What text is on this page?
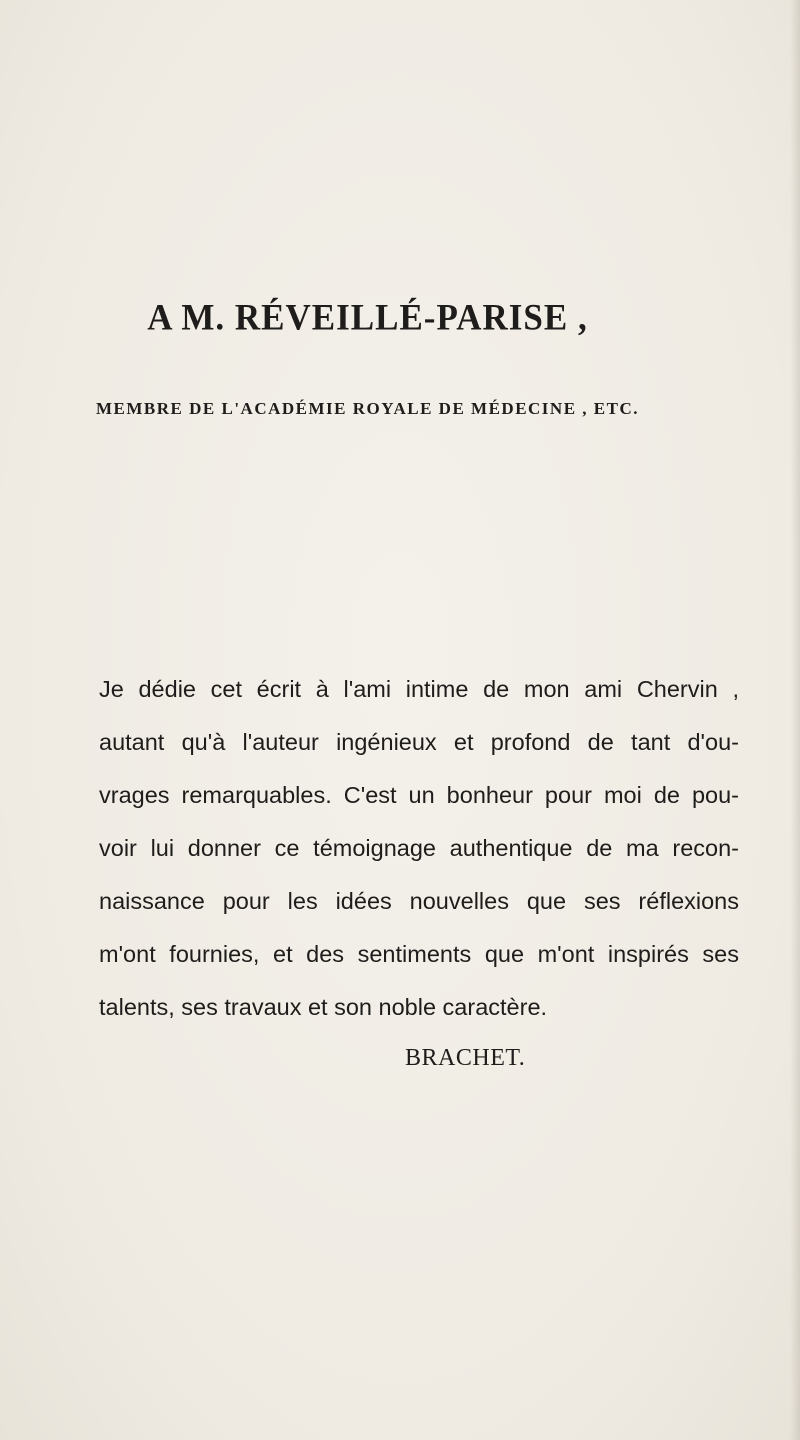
A M. RÉVEILLÉ-PARISE ,
MEMBRE DE L'ACADÉMIE ROYALE DE MÉDECINE , ETC.
Je dédie cet écrit à l'ami intime de mon ami Chervin ,
autant qu'à l'auteur ingénieux et profond de tant d'ou-
vrages remarquables. C'est un bonheur pour moi de pou-
voir lui donner ce témoignage authentique de ma recon-
naissance pour les idées nouvelles que ses réflexions
m'ont fournies, et des sentiments que m'ont inspirés ses
talents, ses travaux et son noble caractère.
BRACHET.
